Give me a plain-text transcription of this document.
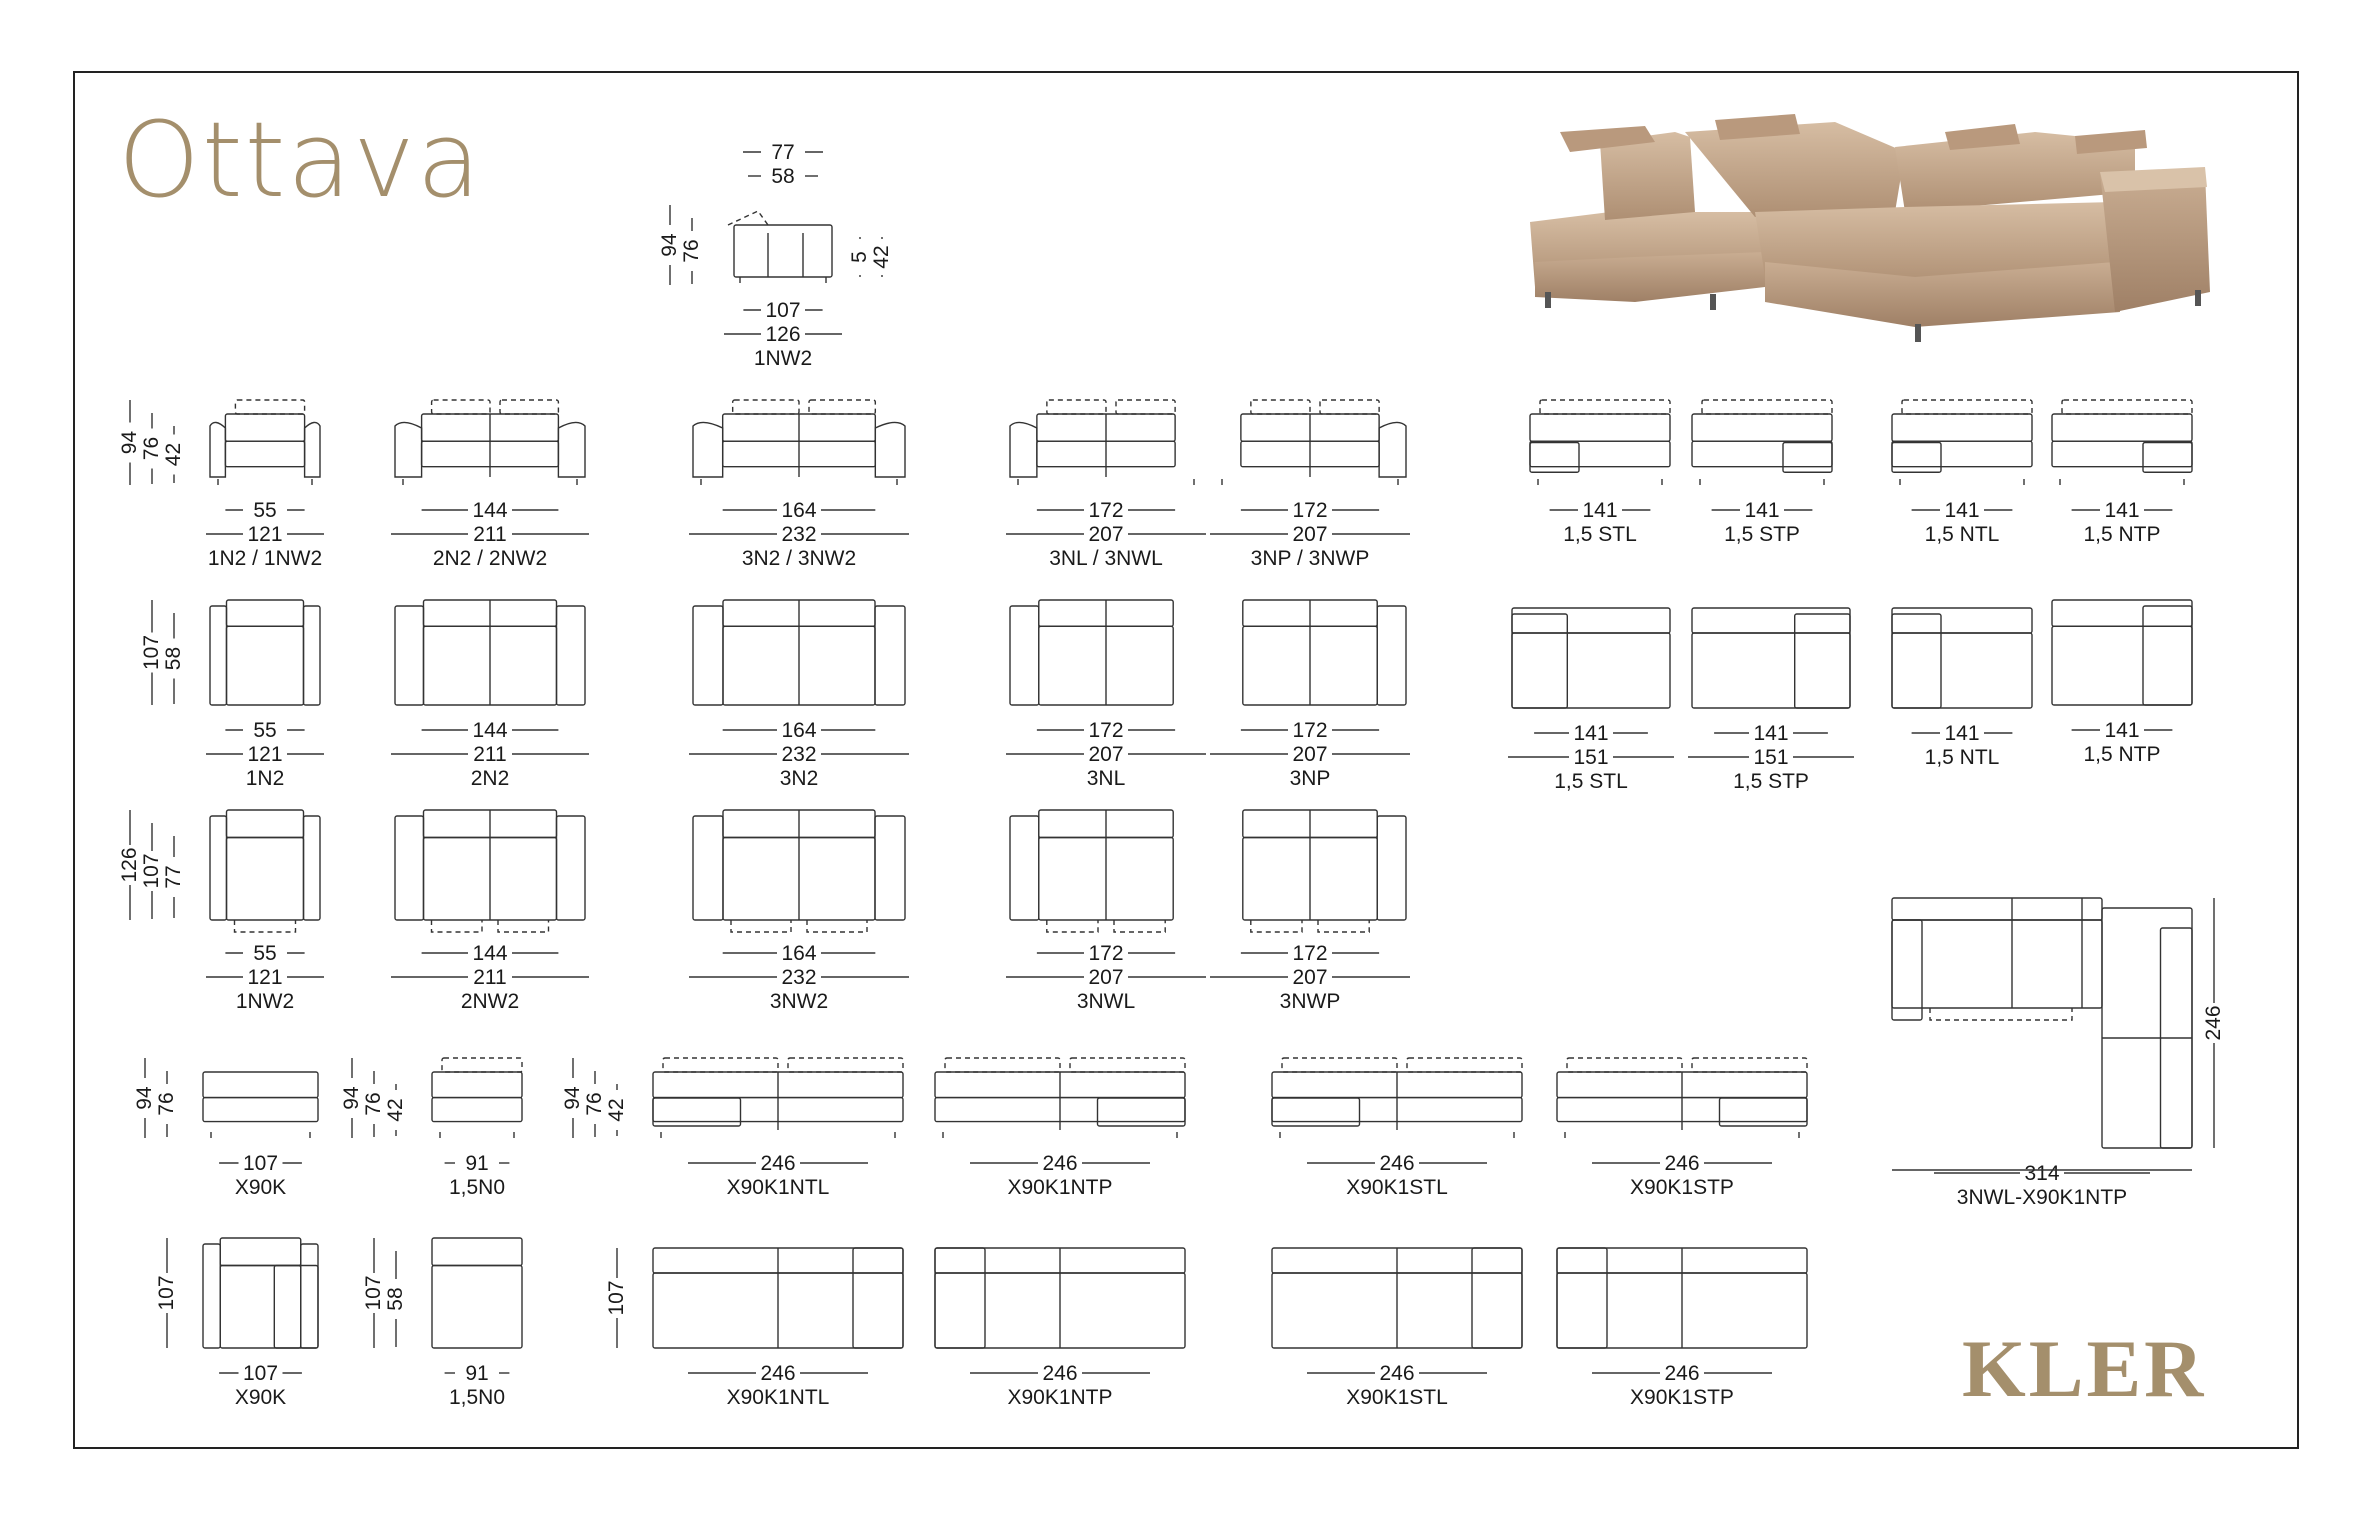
Ottava
KLER
107
126
77
58
94 76	5 42
1NW2
55
121
94 76 42
1N2 / 1NW2
144
211
2N2 / 2NW2
164
232
3N2 / 3NW2
172
207
3NL / 3NWL
172
207
3NP / 3NWP
141
1,5 STL
141
1,5 STP
141
1,5 NTL
141
1,5 NTP
55
121
107 58
1N2
144
211
2N2
164
232
3N2
172
207
3NL
172
207
3NP
141
151
1,5 STL
141
151
1,5 STP
141
1,5 NTL
141
1,5 NTP
55
121
126 107 77
1NW2
144
211
2NW2
164
232
3NW2
172
207
3NWL
172
207
3NWP
107
94 76
X90K
91
94 76 42
1,5N0
246
94 76 42
X90K1NTL
246
X90K1NTP
246
X90K1STL
246
X90K1STP
107
107
X90K
91
107 58
1,5N0
246
107
X90K1NTL
246
X90K1NTP
246
X90K1STL
246
X90K1STP
314
246
3NWL-X90K1NTP
